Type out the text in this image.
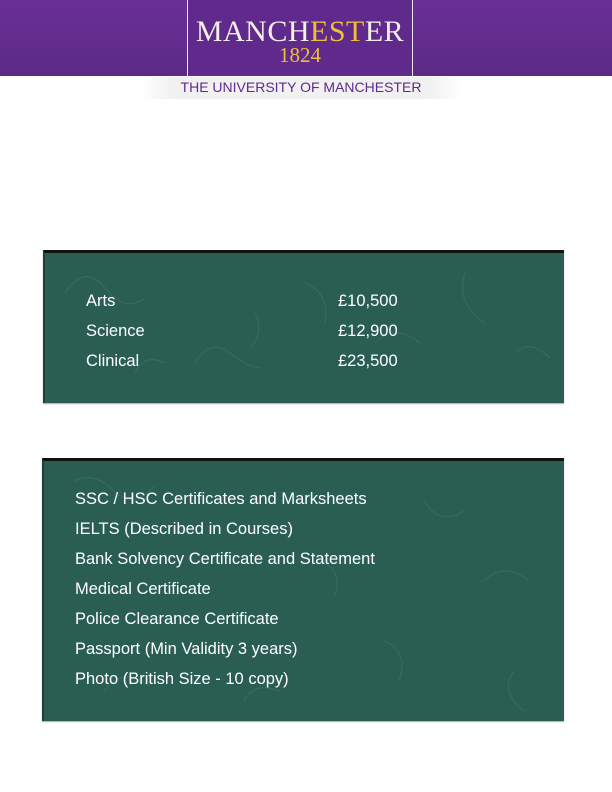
MANCHESTER
1824
THE UNIVERSITY OF MANCHESTER
Arts	£10,500
Science	£12,900
Clinical	£23,500
SSC / HSC Certificates and Marksheets
IELTS (Described in Courses)
Bank Solvency Certificate and Statement
Medical Certificate
Police Clearance Certificate
Passport (Min Validity 3 years)
Photo (British Size - 10 copy)
